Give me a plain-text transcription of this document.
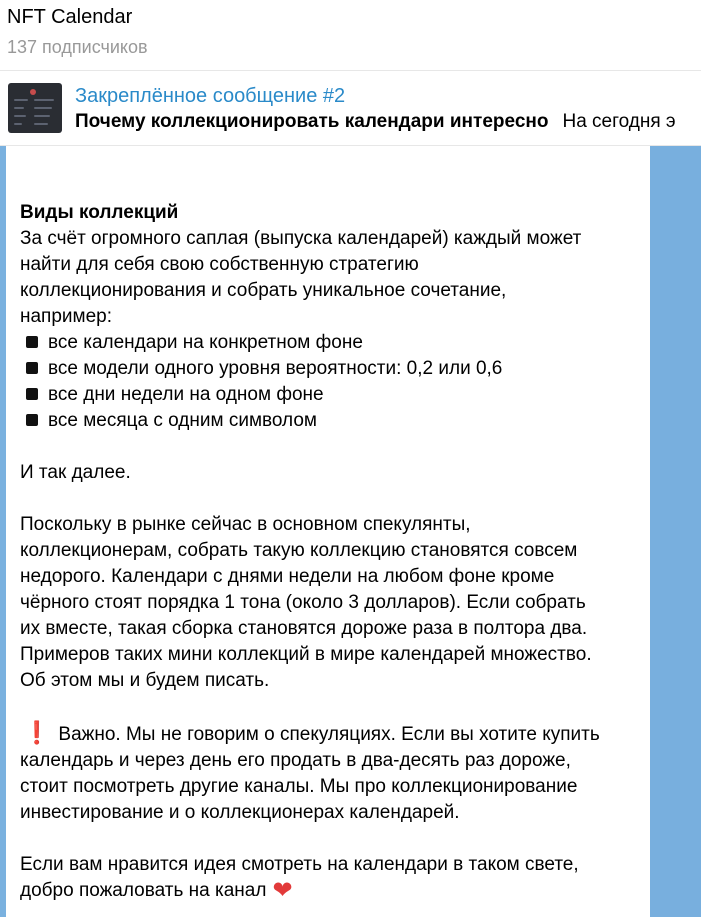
NFT Calendar
137 подписчиков
Закреплённое сообщение #2
Почему коллекционировать календари интересно На сегодня э
Виды коллекций
За счёт огромного саплая (выпуска календарей) каждый может
найти для себя свою собственную стратегию
коллекционирования и собрать уникальное сочетание,
например:
все календари на конкретном фоне
все модели одного уровня вероятности: 0,2 или 0,6
все дни недели на одном фоне
все месяца с одним символом
И так далее.
Поскольку в рынке сейчас в основном спекулянты,
коллекционерам, собрать такую коллекцию становятся совсем
недорого. Календари с днями недели на любом фоне кроме
чёрного стоят порядка 1 тона (около 3 долларов). Если собрать
их вместе, такая сборка становятся дороже раза в полтора два.
Примеров таких мини коллекций в мире календарей множество.
Об этом мы и будем писать.
❗ Важно. Мы не говорим о спекуляциях. Если вы хотите купить
календарь и через день его продать в два-десять раз дороже,
стоит посмотреть другие каналы. Мы про коллекционирование
инвестирование и о коллекционерах календарей.
Если вам нравится идея смотреть на календари в таком свете,
добро пожаловать на канал ❤
